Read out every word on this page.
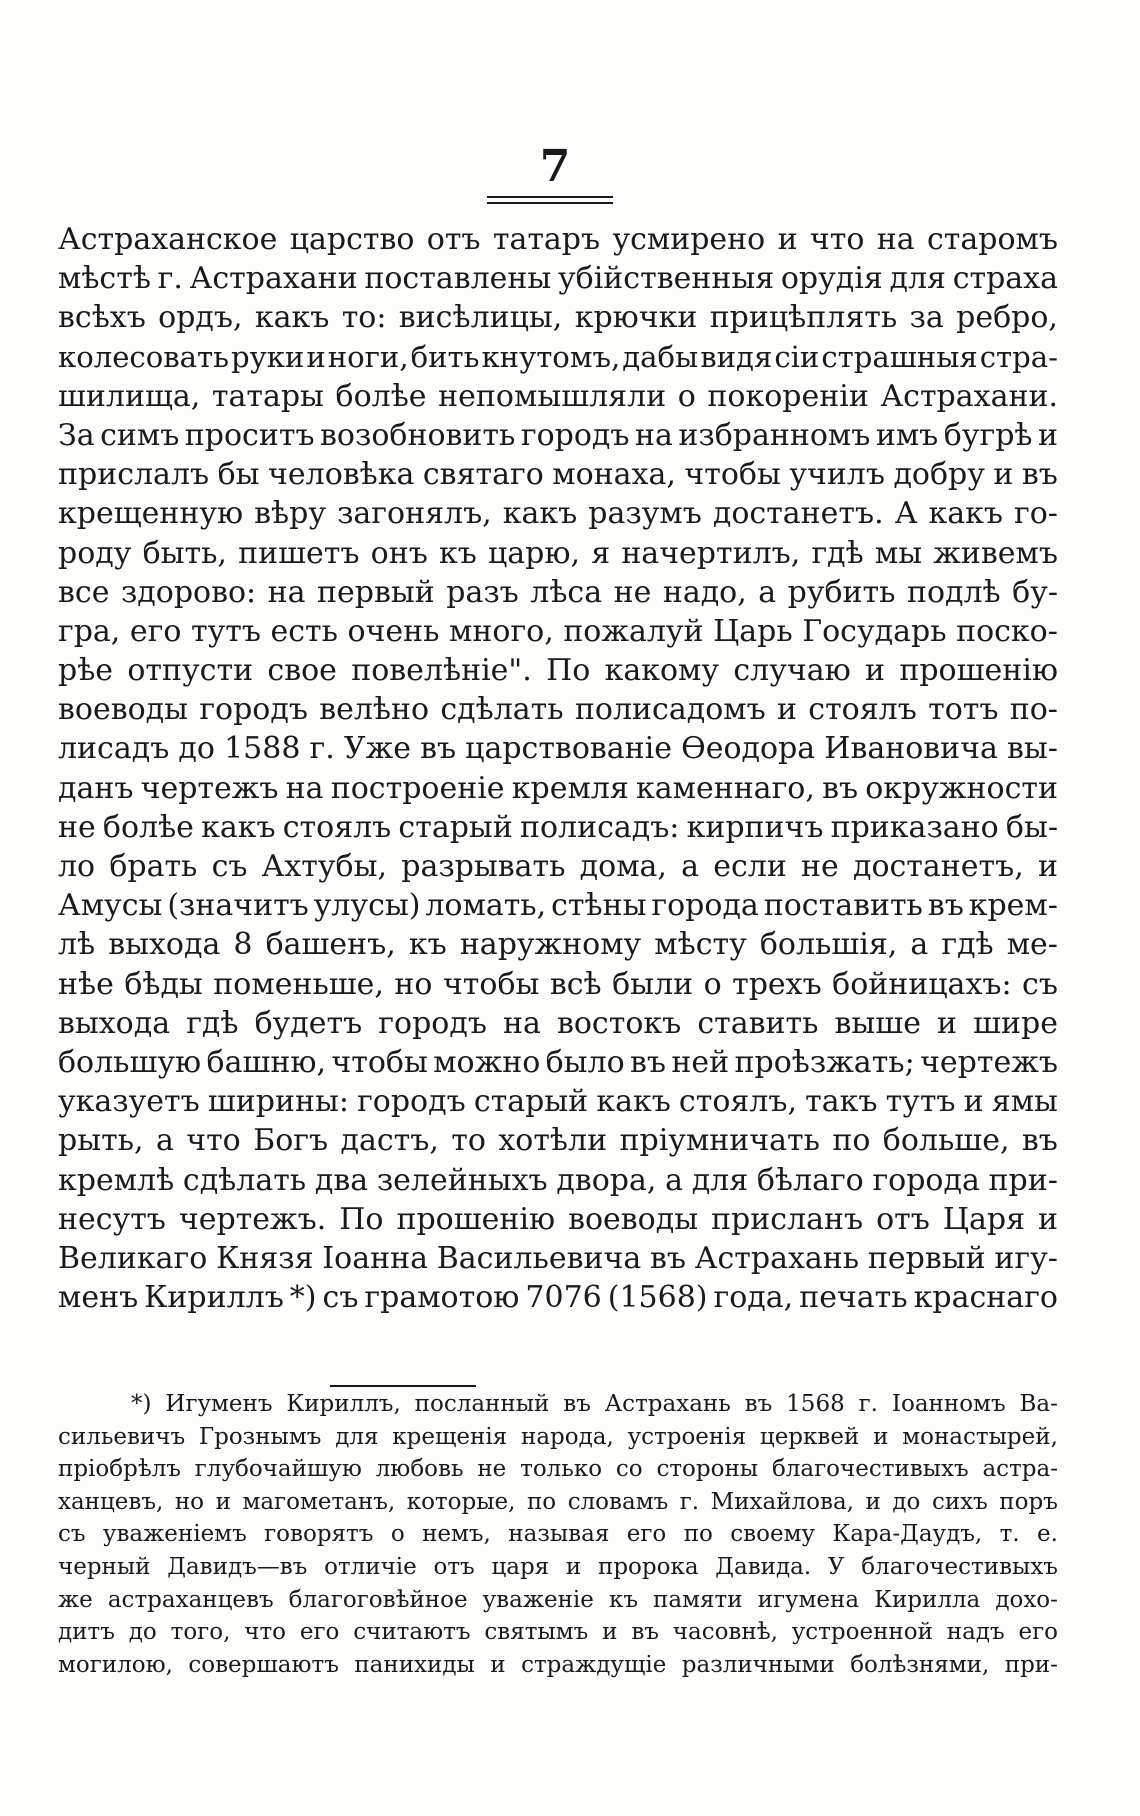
7
Астраханское царство отъ татаръ усмирено и что на старомъ
мѣстѣ г. Астрахани поставлены убійственныя орудія для страха
всѣхъ ордъ, какъ то: висѣлицы, крючки прицѣплять за ребро,
колесовать руки и ноги, бить кнутомъ, дабы видя сіи страшныя стра-
шилища, татары болѣе непомышляли о покореніи Астрахани.
За симъ проситъ возобновить городъ на избранномъ имъ бугрѣ и
прислалъ бы человѣка святаго монаха, чтобы училъ добру и въ
крещенную вѣру загонялъ, какъ разумъ достанетъ. А какъ го-
роду быть, пишетъ онъ къ царю, я начертилъ, гдѣ мы живемъ
все здорово: на первый разъ лѣса не надо, а рубить подлѣ бу-
гра, его тутъ есть очень много, пожалуй Царь Государь поско-
рѣе отпусти свое повелѣніе". По какому случаю и прошенію
воеводы городъ велѣно сдѣлать полисадомъ и стоялъ тотъ по-
лисадъ до 1588 г. Уже въ царствованіе Ѳеодора Ивановича вы-
данъ чертежъ на построеніе кремля каменнаго, въ окружности
не болѣе какъ стоялъ старый полисадъ: кирпичъ приказано бы-
ло брать съ Ахтубы, разрывать дома, а если не достанетъ, и
Амусы (значитъ улусы) ломать, стѣны города поставить въ крем-
лѣ выхода 8 башенъ, къ наружному мѣсту большія, а гдѣ ме-
нѣе бѣды поменьше, но чтобы всѣ были о трехъ бойницахъ: съ
выхода гдѣ будетъ городъ на востокъ ставить выше и шире
большую башню, чтобы можно было въ ней проѣзжать; чертежъ
указуетъ ширины: городъ старый какъ стоялъ, такъ тутъ и ямы
рыть, а что Богъ дастъ, то хотѣли пріумничать по больше, въ
кремлѣ сдѣлать два зелейныхъ двора, а для бѣлаго города при-
несутъ чертежъ. По прошенію воеводы присланъ отъ Царя и
Великаго Князя Іоанна Васильевича въ Астрахань первый игу-
менъ Кириллъ *) съ грамотою 7076 (1568) года, печать краснаго
*) Игуменъ Кириллъ, посланный въ Астрахань въ 1568 г. Іоанномъ Ва-
сильевичъ Грознымъ для крещенія народа, устроенія церквей и монастырей,
пріобрѣлъ глубочайшую любовь не только со стороны благочестивыхъ астра-
ханцевъ, но и магометанъ, которые, по словамъ г. Михайлова, и до сихъ поръ
съ уваженіемъ говорятъ о немъ, называя его по своему Кара-Даудъ, т. е.
черный Давидъ—въ отличіе отъ царя и пророка Давида. У благочестивыхъ
же астраханцевъ благоговѣйное уваженіе къ памяти игумена Кирилла дохо-
дитъ до того, что его считаютъ святымъ и въ часовнѣ, устроенной надъ его
могилою, совершаютъ панихиды и страждущіе различными болѣзнями, при-
